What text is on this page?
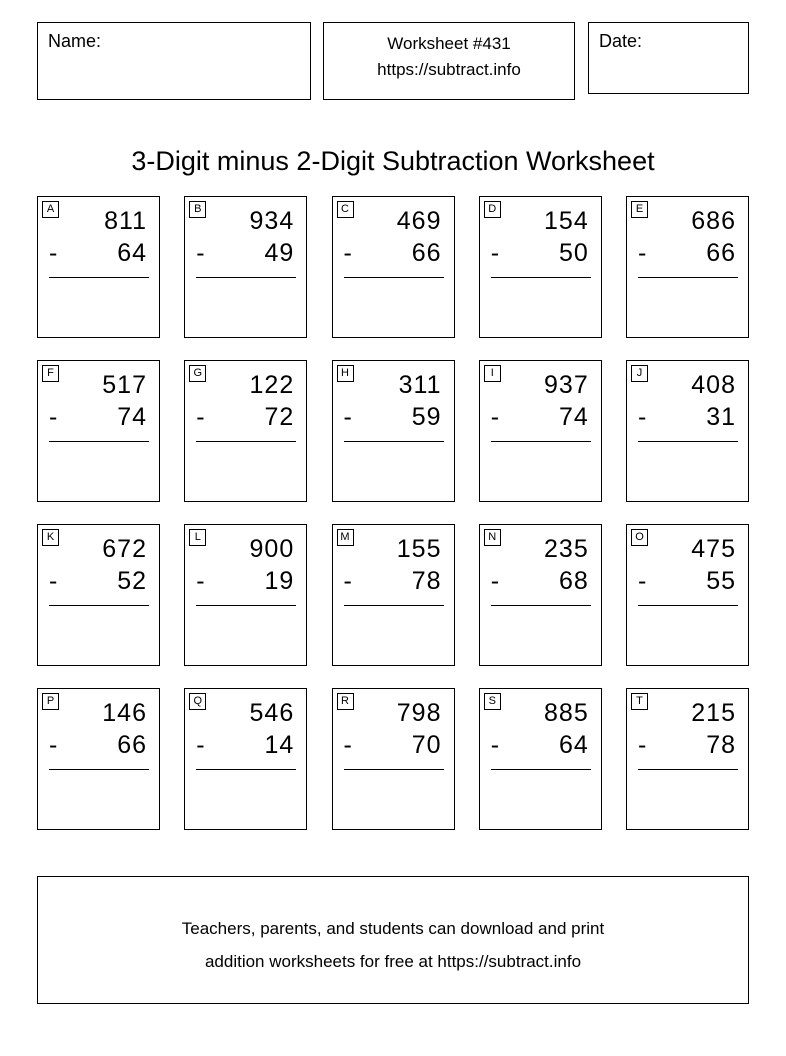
Name:	Worksheet #431
https://subtract.info
Date:
3-Digit minus 2-Digit Subtraction Worksheet
A	811
- 64
B	934
- 49
C	469
- 66
D	154
- 50
E	686
- 66
F	517
- 74
G	122
- 72
H	311
- 59
I	937
- 74
J	408
- 31
K	672
- 52
L	900
- 19
M	155
- 78
N	235
- 68
O	475
- 55
P	146
- 66
Q	546
- 14
R	798
- 70
S	885
- 64
T	215
- 78
Teachers, parents, and students can download and print
addition worksheets for free at https://subtract.info
